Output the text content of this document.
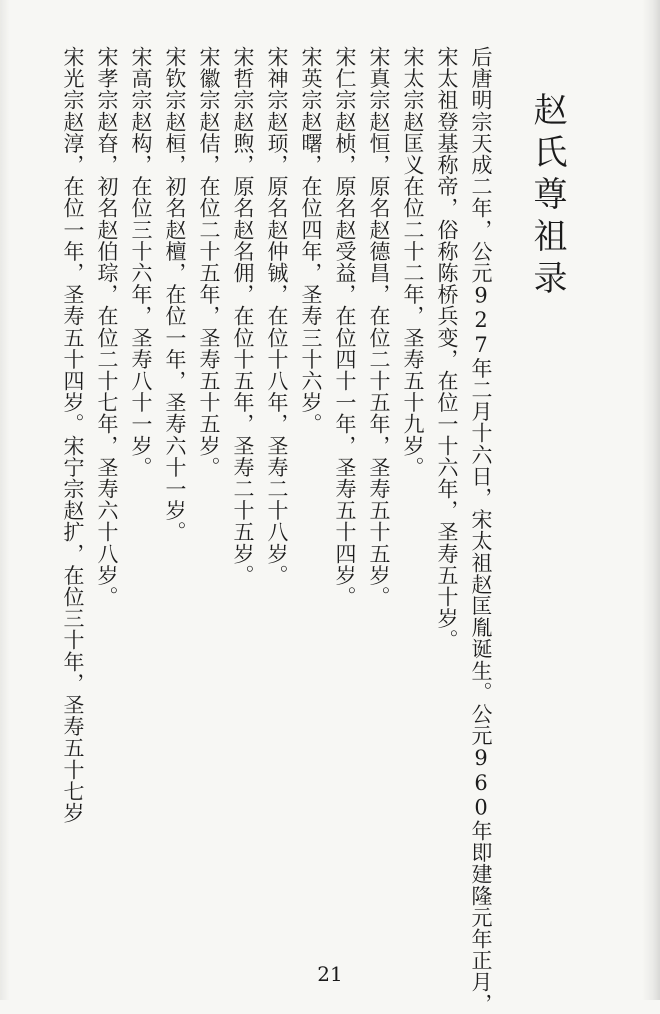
赵氏尊祖录
后唐明宗天成二年，公元927年二月十六日，宋太祖赵匡胤诞生。公元960年即建隆元年正月，
宋太祖登基称帝，俗称陈桥兵变，在位一十六年，圣寿五十岁。
宋太宗赵匡义在位二十二年，圣寿五十九岁。
宋真宗赵恒，原名赵德昌，在位二十五年，圣寿五十五岁。
宋仁宗赵桢，原名赵受益，在位四十一年，圣寿五十四岁。
宋英宗赵曙，在位四年，圣寿三十六岁。
宋神宗赵顼，原名赵仲铖，在位十八年，圣寿二十八岁。
宋哲宗赵煦，原名赵名佣，在位十五年，圣寿二十五岁。
宋徽宗赵佶，在位二十五年，圣寿五十五岁。
宋钦宗赵桓，初名赵檀，在位一年，圣寿六十一岁。
宋高宗赵构，在位三十六年，圣寿八十一岁。
宋孝宗赵昚，初名赵伯琮，在位二十七年，圣寿六十八岁。
宋光宗赵淳，在位一年，圣寿五十四岁。宋宁宗赵扩，在位三十年，圣寿五十七岁
21
